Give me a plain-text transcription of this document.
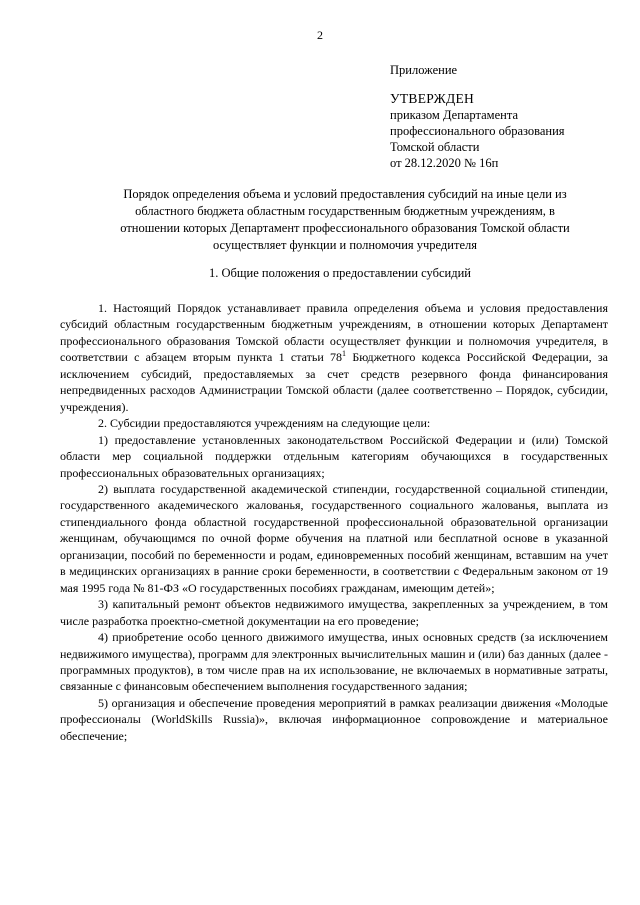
2
Приложение
УТВЕРЖДЕН
приказом Департамента
профессионального образования
Томской области
от 28.12.2020 № 16п
Порядок определения объема и условий предоставления субсидий на иные цели из
областного бюджета областным государственным бюджетным учреждениям, в
отношении которых Департамент профессионального образования Томской области
осуществляет функции и полномочия учредителя
1. Общие положения о предоставлении субсидий

1. Настоящий Порядок устанавливает правила определения объема и условия предоставления субсидий областным государственным бюджетным учреждениям, в отношении которых Департамент профессионального образования Томской области осуществляет функции и полномочия учредителя, в соответствии с абзацем вторым пункта 1 статьи $78^1$ Бюджетного кодекса Российской Федерации, за исключением субсидий, предоставляемых за счет средств резервного фонда финансирования непредвиденных расходов Администрации Томской области (далее соответственно – Порядок, субсидии, учреждения).

2. Субсидии предоставляются учреждениям на следующие цели:

1) предоставление установленных законодательством Российской Федерации и (или) Томской области мер социальной поддержки отдельным категориям обучающихся в государственных профессиональных образовательных организациях;

2) выплата государственной академической стипендии, государственной социальной стипендии, государственного академического жалованья, государственного социального жалованья, выплата из стипендиального фонда областной государственной профессиональной образовательной организации женщинам, обучающимся по очной форме обучения на платной или бесплатной основе в указанной организации, пособий по беременности и родам, единовременных пособий женщинам, вставшим на учет в медицинских организациях в ранние сроки беременности, в соответствии с Федеральным законом от 19 мая 1995 года № 81-ФЗ «О государственных пособиях гражданам, имеющим детей»;

3) капитальный ремонт объектов недвижимого имущества, закрепленных за учреждением, в том числе разработка проектно-сметной документации на его проведение;

4) приобретение особо ценного движимого имущества, иных основных средств (за исключением недвижимого имущества), программ для электронных вычислительных машин и (или) баз данных (далее - программных продуктов), в том числе прав на их использование, не включаемых в нормативные затраты, связанные с финансовым обеспечением выполнения государственного задания;

5) организация и обеспечение проведения мероприятий в рамках реализации движения «Молодые профессионалы (WorldSkills Russia)», включая информационное сопровождение и материальное обеспечение;
